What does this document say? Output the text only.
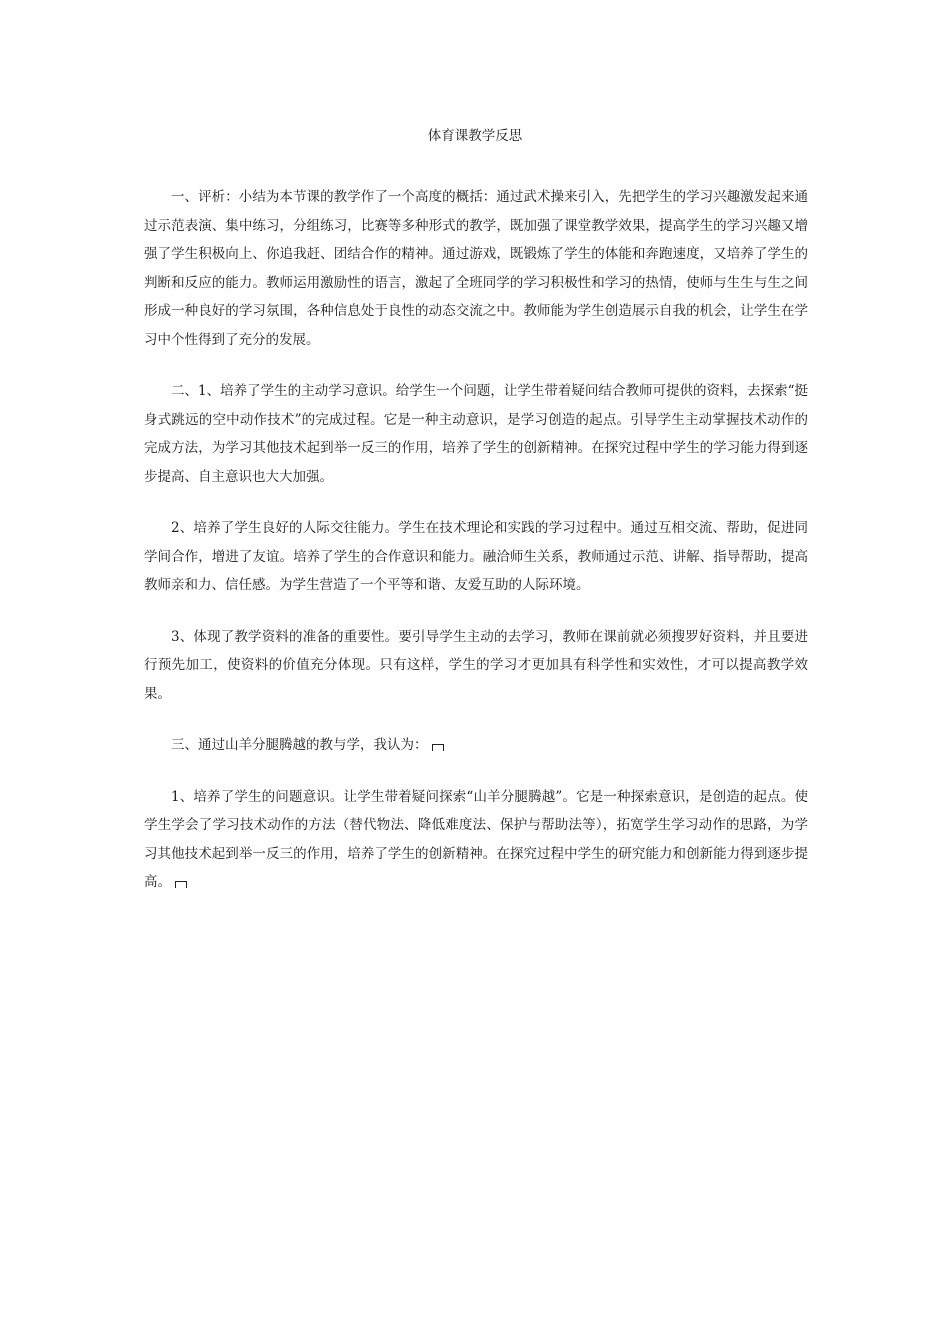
体育课教学反思

一、评析：小结为本节课的教学作了一个高度的概括：通过武术操来引入，先把学生的学习兴趣激发起来通过示范表演、集中练习，分组练习，比赛等多种形式的教学，既加强了课堂教学效果，提高学生的学习兴趣又增强了学生积极向上、你追我赶、团结合作的精神。通过游戏，既锻炼了学生的体能和奔跑速度，又培养了学生的判断和反应的能力。教师运用激励性的语言，激起了全班同学的学习积极性和学习的热情，使师与生生与生之间形成一种良好的学习氛围，各种信息处于良性的动态交流之中。教师能为学生创造展示自我的机会，让学生在学习中个性得到了充分的发展。

二、1、培养了学生的主动学习意识。给学生一个问题，让学生带着疑问结合教师可提供的资料，去探索“挺身式跳远的空中动作技术”的完成过程。它是一种主动意识，是学习创造的起点。引导学生主动掌握技术动作的完成方法，为学习其他技术起到举一反三的作用，培养了学生的创新精神。在探究过程中学生的学习能力得到逐步提高、自主意识也大大加强。

2、培养了学生良好的人际交往能力。学生在技术理论和实践的学习过程中。通过互相交流、帮助，促进同学间合作，增进了友谊。培养了学生的合作意识和能力。融洽师生关系，教师通过示范、讲解、指导帮助，提高教师亲和力、信任感。为学生营造了一个平等和谐、友爱互助的人际环境。

3、体现了教学资料的准备的重要性。要引导学生主动的去学习，教师在课前就必须搜罗好资料，并且要进行预先加工，使资料的价值充分体现。只有这样，学生的学习才更加具有科学性和实效性，才可以提高教学效果。

三、通过山羊分腿腾越的教与学，我认为：

1、培养了学生的问题意识。让学生带着疑问探索“山羊分腿腾越”。它是一种探索意识，是创造的起点。使学生学会了学习技术动作的方法（替代物法、降低难度法、保护与帮助法等），拓宽学生学习动作的思路，为学习其他技术起到举一反三的作用，培养了学生的创新精神。在探究过程中学生的研究能力和创新能力得到逐步提高。
